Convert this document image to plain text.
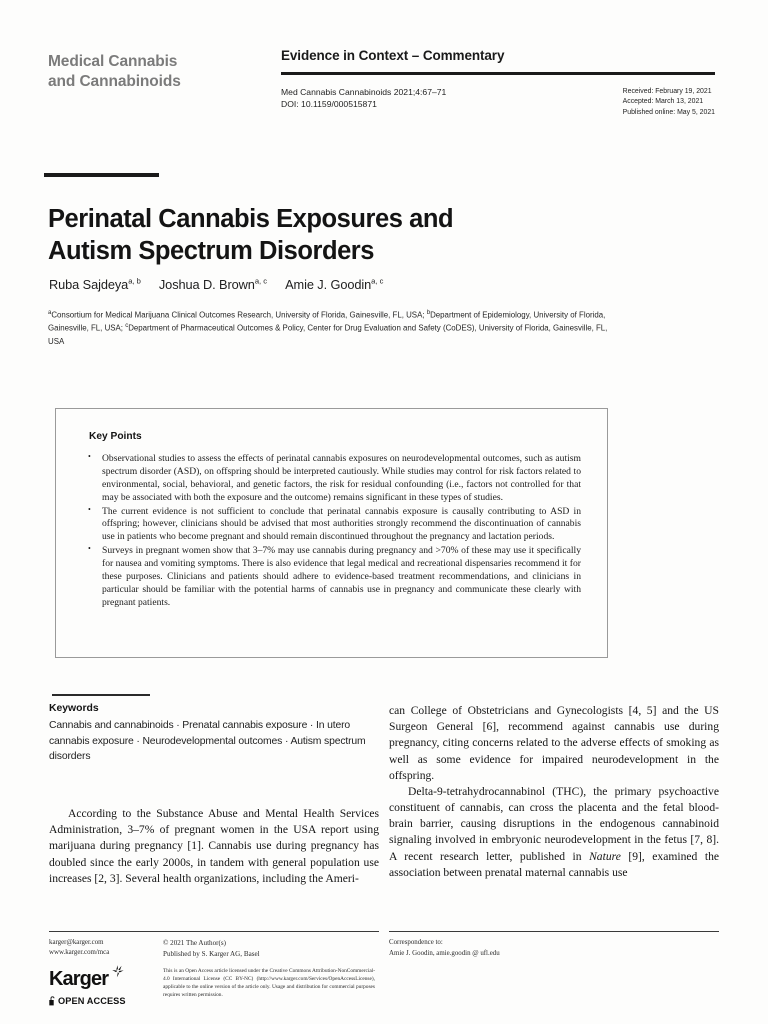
Medical Cannabis
and Cannabinoids
Evidence in Context – Commentary
Med Cannabis Cannabinoids 2021;4:67–71
DOI: 10.1159/000515871
Received: February 19, 2021
Accepted: March 13, 2021
Published online: May 5, 2021
Perinatal Cannabis Exposures and
Autism Spectrum Disorders
Ruba Sajdeya$^{a, b}$ Joshua D. Brown$^{a, c}$ Amie J. Goodin$^{a, c}$
$^a$Consortium for Medical Marijuana Clinical Outcomes Research, University of Florida, Gainesville, FL, USA; $^b$Department of Epidemiology, University of Florida, Gainesville, FL, USA; $^c$Department of Pharmaceutical Outcomes & Policy, Center for Drug Evaluation and Safety (CoDES), University of Florida, Gainesville, FL, USA
Key Points
• Observational studies to assess the effects of perinatal cannabis exposures on neurodevelopmental outcomes, such as autism spectrum disorder (ASD), on offspring should be interpreted cautiously. While studies may control for risk factors related to environmental, social, behavioral, and genetic factors, the risk for residual confounding (i.e., factors not controlled for that may be associated with both the exposure and the outcome) remains significant in these types of studies.
• The current evidence is not sufficient to conclude that perinatal cannabis exposure is causally contributing to ASD in offspring; however, clinicians should be advised that most authorities strongly recommend the discontinuation of cannabis use in patients who become pregnant and should remain discontinued throughout the pregnancy and lactation periods.
• Surveys in pregnant women show that 3–7% may use cannabis during pregnancy and >70% of these may use it specifically for nausea and vomiting symptoms. There is also evidence that legal medical and recreational dispensaries recommend it for these purposes. Clinicians and patients should adhere to evidence-based treatment recommendations, and clinicians in particular should be familiar with the potential harms of cannabis use in pregnancy and communicate these clearly with pregnant patients.
Keywords
Cannabis and cannabinoids · Prenatal cannabis exposure · In utero cannabis exposure · Neurodevelopmental outcomes · Autism spectrum disorders

According to the Substance Abuse and Mental Health Services Administration, 3–7% of pregnant women in the USA report using marijuana during pregnancy [1]. Cannabis use during pregnancy has doubled since the early 2000s, in tandem with general population use increases [2, 3]. Several health organizations, including the Ameri-

can College of Obstetricians and Gynecologists [4, 5] and the US Surgeon General [6], recommend against cannabis use during pregnancy, citing concerns related to the adverse effects of smoking as well as some evidence for impaired neurodevelopment in the offspring.

Delta-9-tetrahydrocannabinol (THC), the primary psychoactive constituent of cannabis, can cross the placenta and the fetal blood-brain barrier, causing disruptions in the endogenous cannabinoid signaling involved in embryonic neurodevelopment in the fetus [7, 8]. A recent research letter, published in Nature [9], examined the association between prenatal maternal cannabis use

karger@karger.com
www.karger.com/mca
Karger
OPEN ACCESS
© 2021 The Author(s)
Published by S. Karger AG, Basel
This is an Open Access article licensed under the Creative Commons Attribution-NonCommercial-4.0 International License (CC BY-NC) (http://www.karger.com/Services/OpenAccessLicense), applicable to the online version of the article only. Usage and distribution for commercial purposes requires written permission.
Correspondence to:
Amie J. Goodin, amie.goodin @ ufl.edu
